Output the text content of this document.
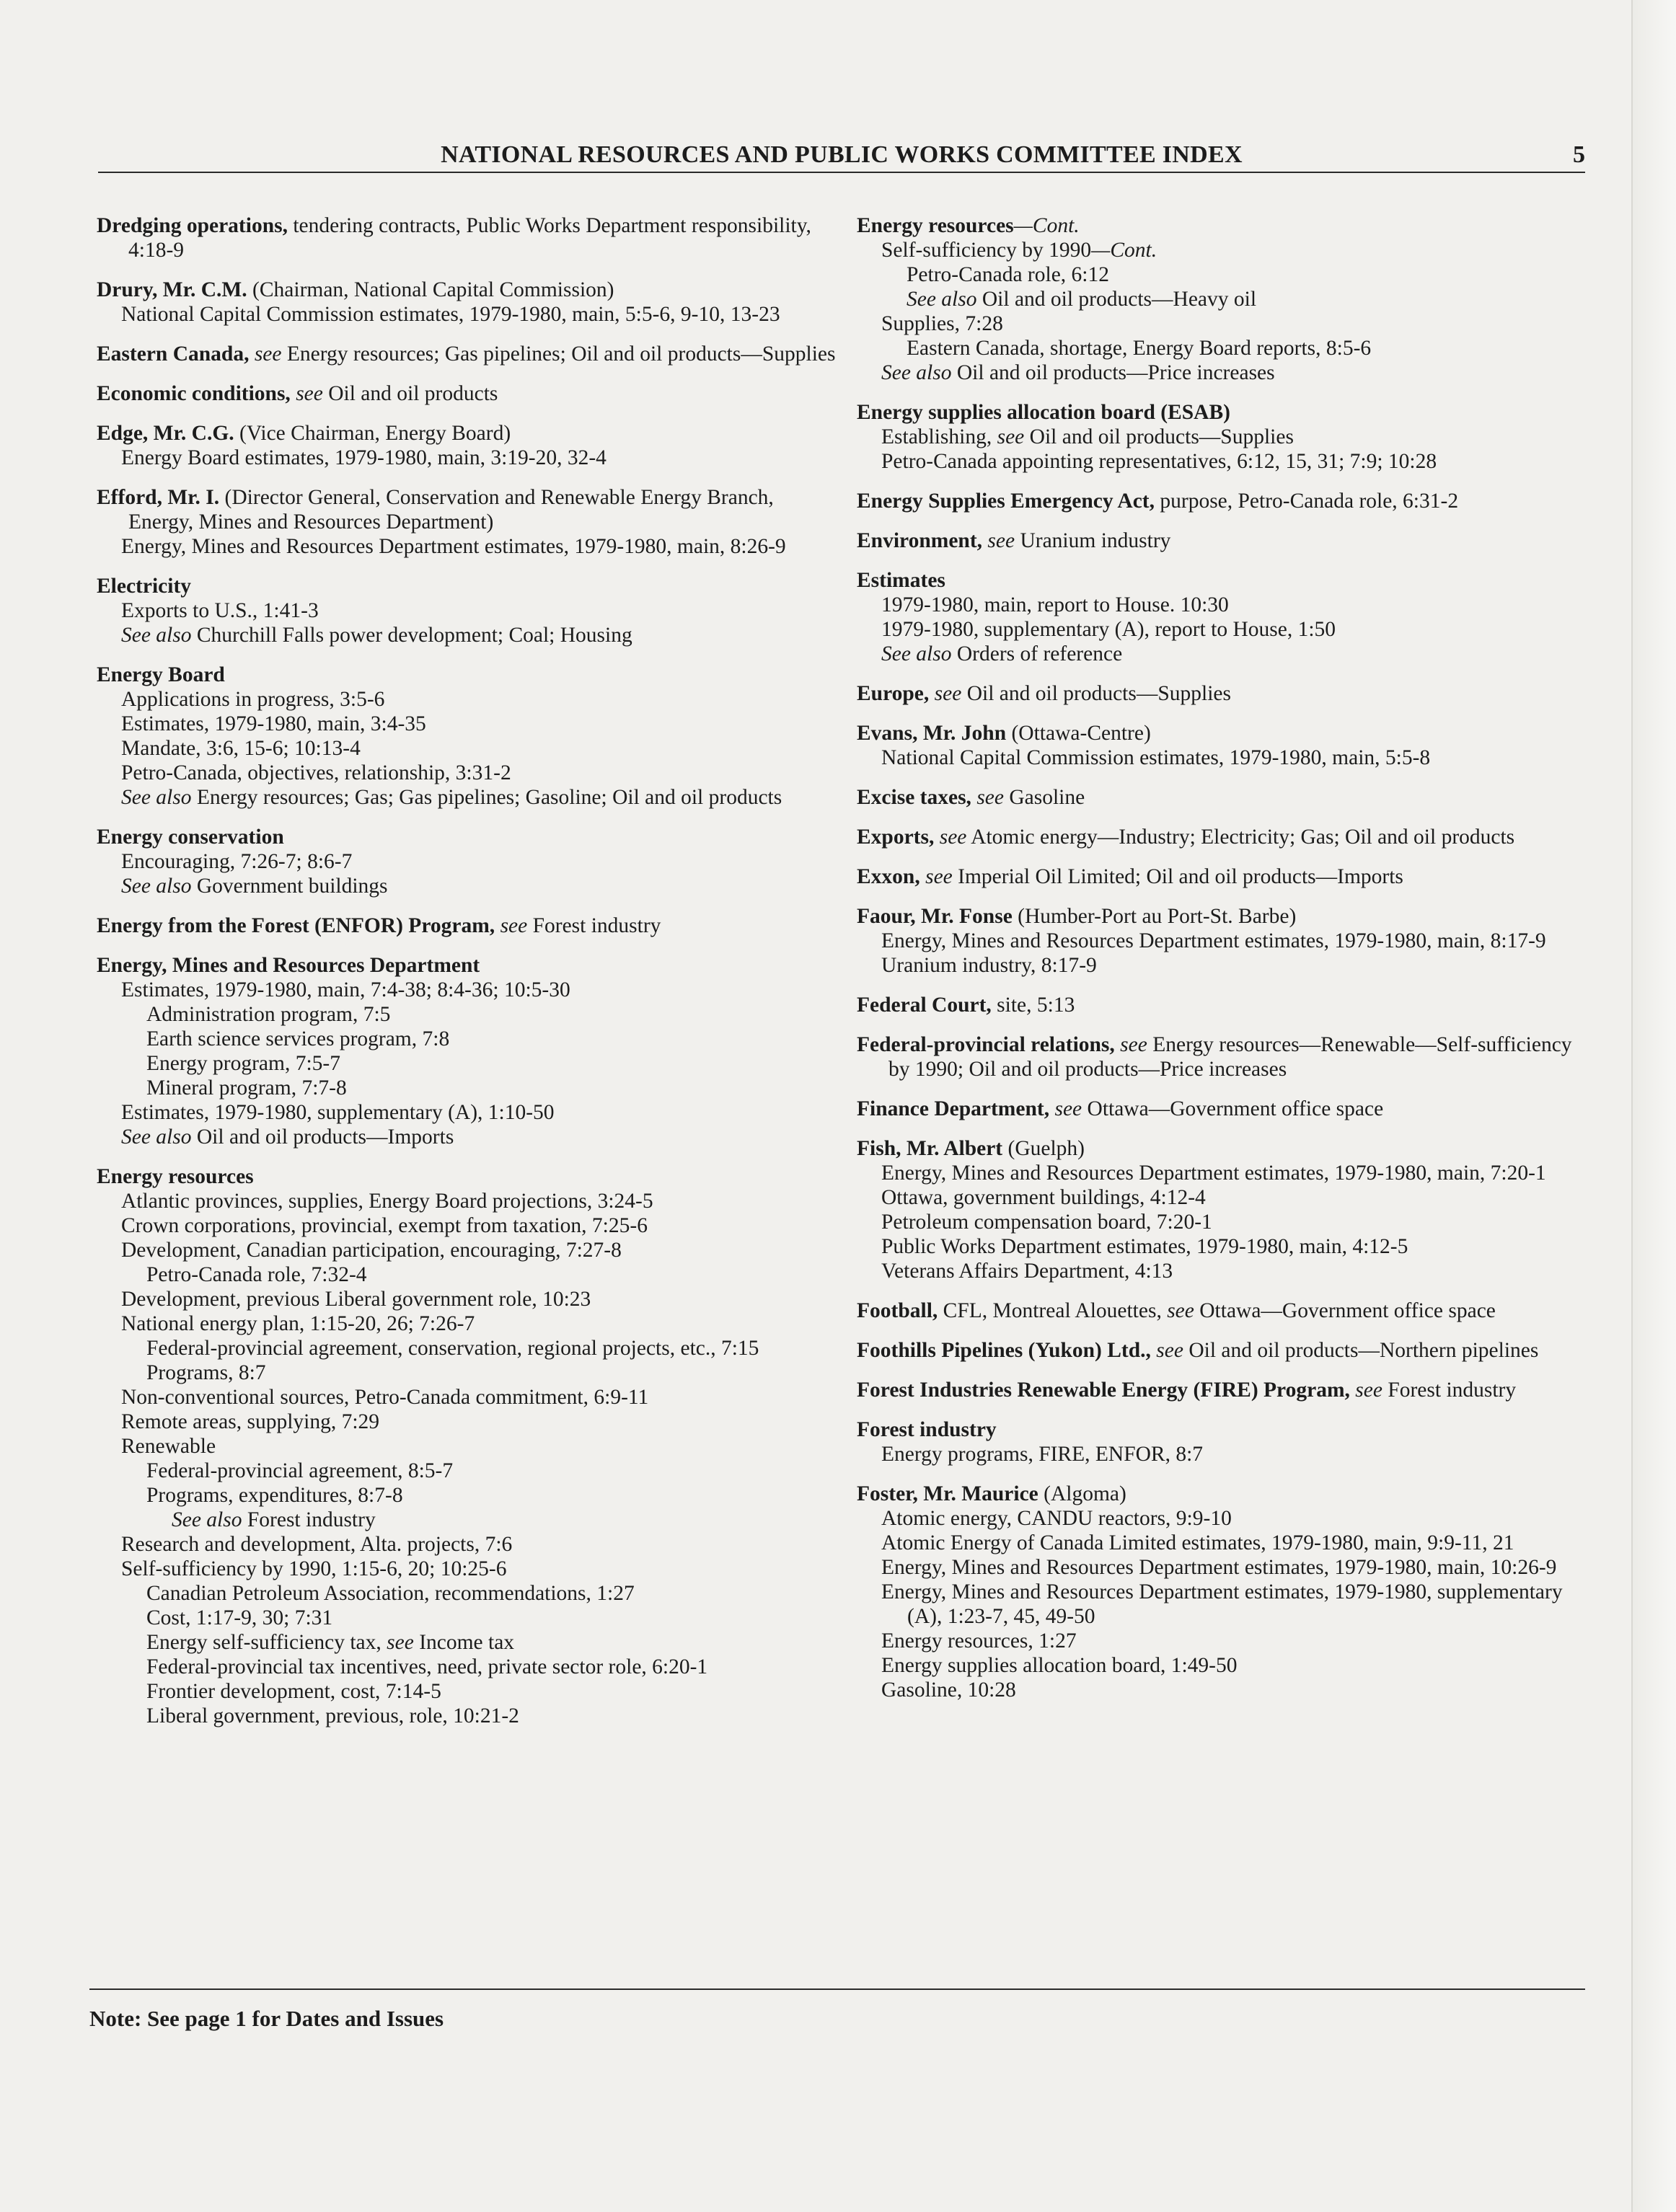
NATIONAL RESOURCES AND PUBLIC WORKS COMMITTEE INDEX	5
Dredging operations, tendering contracts, Public Works Department responsibility, 4:18-9
Drury, Mr. C.M. (Chairman, National Capital Commission)
National Capital Commission estimates, 1979-1980, main, 5:5-6, 9-10, 13-23
Eastern Canada, see Energy resources; Gas pipelines; Oil and oil products—Supplies
Economic conditions, see Oil and oil products
Edge, Mr. C.G. (Vice Chairman, Energy Board)
Energy Board estimates, 1979-1980, main, 3:19-20, 32-4
Efford, Mr. I. (Director General, Conservation and Renewable Energy Branch, Energy, Mines and Resources Department)
Energy, Mines and Resources Department estimates, 1979-1980, main, 8:26-9
Electricity
Exports to U.S., 1:41-3
See also Churchill Falls power development; Coal; Housing
Energy Board
Applications in progress, 3:5-6
Estimates, 1979-1980, main, 3:4-35
Mandate, 3:6, 15-6; 10:13-4
Petro-Canada, objectives, relationship, 3:31-2
See also Energy resources; Gas; Gas pipelines; Gasoline; Oil and oil products
Energy conservation
Encouraging, 7:26-7; 8:6-7
See also Government buildings
Energy from the Forest (ENFOR) Program, see Forest industry
Energy, Mines and Resources Department
Estimates, 1979-1980, main, 7:4-38; 8:4-36; 10:5-30
Administration program, 7:5
Earth science services program, 7:8
Energy program, 7:5-7
Mineral program, 7:7-8
Estimates, 1979-1980, supplementary (A), 1:10-50
See also Oil and oil products—Imports
Energy resources
Atlantic provinces, supplies, Energy Board projections, 3:24-5
Crown corporations, provincial, exempt from taxation, 7:25-6
Development, Canadian participation, encouraging, 7:27-8
Petro-Canada role, 7:32-4
Development, previous Liberal government role, 10:23
National energy plan, 1:15-20, 26; 7:26-7
Federal-provincial agreement, conservation, regional projects, etc., 7:15
Programs, 8:7
Non-conventional sources, Petro-Canada commitment, 6:9-11
Remote areas, supplying, 7:29
Renewable
Federal-provincial agreement, 8:5-7
Programs, expenditures, 8:7-8
See also Forest industry
Research and development, Alta. projects, 7:6
Self-sufficiency by 1990, 1:15-6, 20; 10:25-6
Canadian Petroleum Association, recommendations, 1:27
Cost, 1:17-9, 30; 7:31
Energy self-sufficiency tax, see Income tax
Federal-provincial tax incentives, need, private sector role, 6:20-1
Frontier development, cost, 7:14-5
Liberal government, previous, role, 10:21-2
Energy resources—Cont.
Self-sufficiency by 1990—Cont.
Petro-Canada role, 6:12
See also Oil and oil products—Heavy oil
Supplies, 7:28
Eastern Canada, shortage, Energy Board reports, 8:5-6
See also Oil and oil products—Price increases
Energy supplies allocation board (ESAB)
Establishing, see Oil and oil products—Supplies
Petro-Canada appointing representatives, 6:12, 15, 31; 7:9; 10:28
Energy Supplies Emergency Act, purpose, Petro-Canada role, 6:31-2
Environment, see Uranium industry
Estimates
1979-1980, main, report to House. 10:30
1979-1980, supplementary (A), report to House, 1:50
See also Orders of reference
Europe, see Oil and oil products—Supplies
Evans, Mr. John (Ottawa-Centre)
National Capital Commission estimates, 1979-1980, main, 5:5-8
Excise taxes, see Gasoline
Exports, see Atomic energy—Industry; Electricity; Gas; Oil and oil products
Exxon, see Imperial Oil Limited; Oil and oil products—Imports
Faour, Mr. Fonse (Humber-Port au Port-St. Barbe)
Energy, Mines and Resources Department estimates, 1979-1980, main, 8:17-9
Uranium industry, 8:17-9
Federal Court, site, 5:13
Federal-provincial relations, see Energy resources—Renewable—Self-sufficiency by 1990; Oil and oil products—Price increases
Finance Department, see Ottawa—Government office space
Fish, Mr. Albert (Guelph)
Energy, Mines and Resources Department estimates, 1979-1980, main, 7:20-1
Ottawa, government buildings, 4:12-4
Petroleum compensation board, 7:20-1
Public Works Department estimates, 1979-1980, main, 4:12-5
Veterans Affairs Department, 4:13
Football, CFL, Montreal Alouettes, see Ottawa—Government office space
Foothills Pipelines (Yukon) Ltd., see Oil and oil products—Northern pipelines
Forest Industries Renewable Energy (FIRE) Program, see Forest industry
Forest industry
Energy programs, FIRE, ENFOR, 8:7
Foster, Mr. Maurice (Algoma)
Atomic energy, CANDU reactors, 9:9-10
Atomic Energy of Canada Limited estimates, 1979-1980, main, 9:9-11, 21
Energy, Mines and Resources Department estimates, 1979-1980, main, 10:26-9
Energy, Mines and Resources Department estimates, 1979-1980, supplementary (A), 1:23-7, 45, 49-50
Energy resources, 1:27
Energy supplies allocation board, 1:49-50
Gasoline, 10:28
Note: See page 1 for Dates and Issues
